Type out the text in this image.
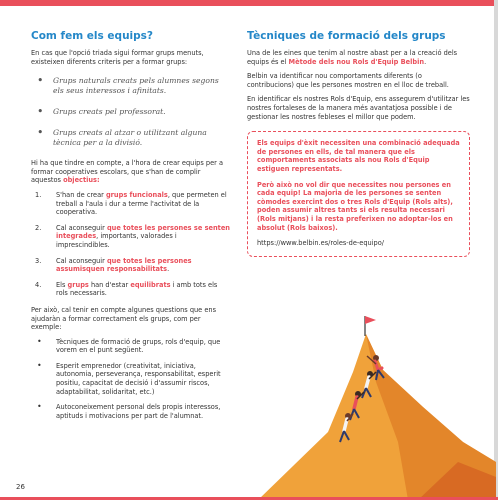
Com fem els equips?

En cas que l'opció triada sigui formar grups menuts, existeixen diferents criteris per a formar grups:

• Grups naturals creats pels alumnes segons els seus interessos i afinitats.
• Grups creats pel professorat.
• Grups creats al atzar o utilitzant alguna tècnica per a la divisió.

Hi ha que tindre en compte, a l'hora de crear equips per a formar cooperatives escolars, que s'han de complir aquestos objectius:

1. S'han de crear grups funcionals, que permeten el treball a l'aula i dur a terme l'activitat de la cooperativa.
2. Cal aconseguir que totes les persones se senten integrades, importants, valorades i imprescindibles.
3. Cal aconseguir que totes les persones assumisquen responsabilitats.
4. Els grups han d'estar equilibrats i amb tots els rols necessaris.

Per això, cal tenir en compte algunes questions que ens ajudaràn a formar correctament els grups, com per exemple:

• Tècniques de formació de grups, rols d'equip, que vorem en el punt següent.
• Esperit emprenedor (creativitat, iniciativa, autonomia, perseverança, responsabilitat, esperit positiu, capacitat de decisió i d'assumir riscos, adaptabilitat, solidaritat, etc.)
• Autoconeixement personal dels propis interessos, aptituds i motivacions per part de l'alumnat.
Tècniques de formació dels grups

Una de les eines que tenim al nostre abast per a la creació dels equips és el Mètode dels nou Rols d'Equip Belbin.

Belbin va identificar nou comportaments diferents (o contribucions) que les persones mostren en el lloc de treball.

En identificar els nostres Rols d'Equip, ens assegurem d'utilitzar les nostres fortaleses de la manera més avantatjosa possible i de gestionar les nostres febleses el millor que podem.

Els equips d'èxit necessiten una combinació adequada de persones en ells, de tal manera que els comportaments associats als nou Rols d'Equip estiguen representats.

Però això no vol dir que necessites nou persones en cada equip! La majoria de les persones se senten còmodes exercint dos o tres Rols d'Equip (Rols alts), poden assumir altres tants si els resulta necessari (Rols mitjans) i la resta preferixen no adoptar-los en absolut (Rols baixos).

https://www.belbin.es/roles-de-equipo/

26
